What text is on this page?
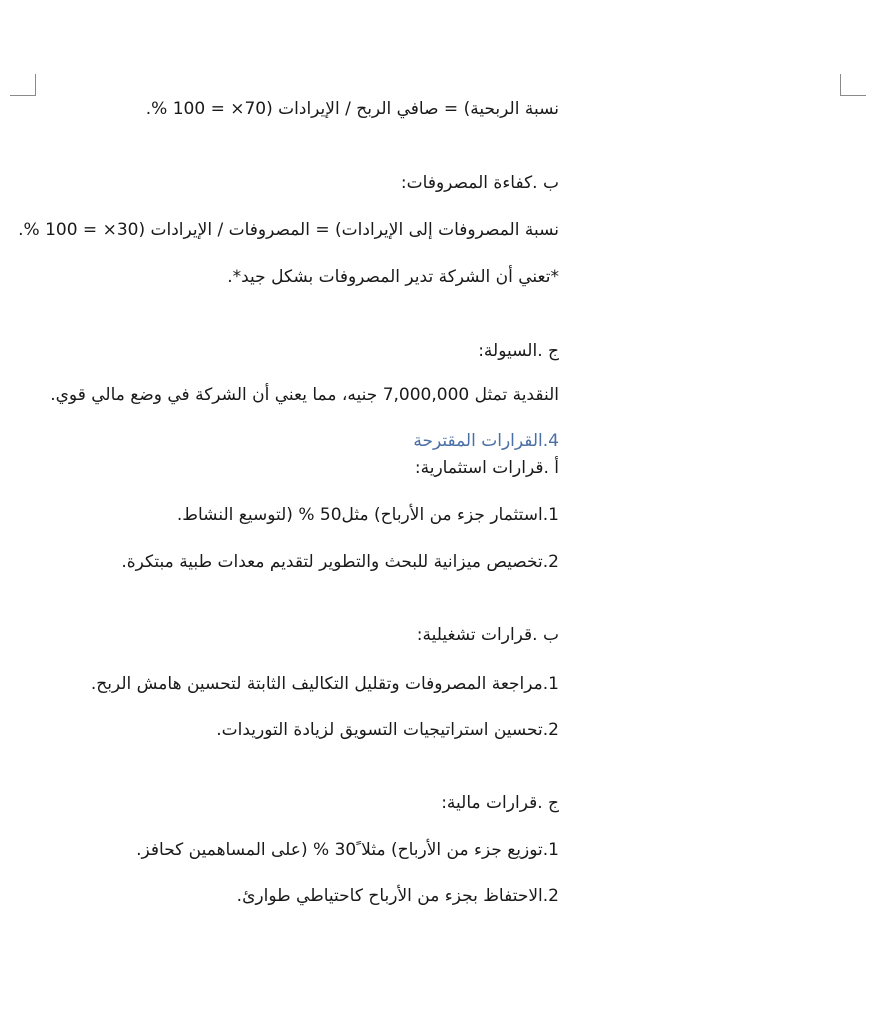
نسبة الربحية) = صافي الربح / الإيرادات (70× = 100 %.
ب .كفاءة المصروفات:
نسبة المصروفات إلى الإيرادات) = المصروفات / الإيرادات (30× = 100 %.
*تعني أن الشركة تدير المصروفات بشكل جيد*.
ج .السيولة:
النقدية تمثل 7,000,000 جنيه، مما يعني أن الشركة في وضع مالي قوي.
4.القرارات المقترحة
أ .قرارات استثمارية:
1.استثمار جزء من الأرباح) مثل50 % (لتوسيع النشاط.
2.تخصيص ميزانية للبحث والتطوير لتقديم معدات طبية مبتكرة.
ب .قرارات تشغيلية:
1.مراجعة المصروفات وتقليل التكاليف الثابتة لتحسين هامش الربح.
2.تحسين استراتيجيات التسويق لزيادة التوريدات.
ج .قرارات مالية:
1.توزيع جزء من الأرباح) مثلا ً30 % (على المساهمين كحافز.
2.الاحتفاظ بجزء من الأرباح كاحتياطي طوارئ.
